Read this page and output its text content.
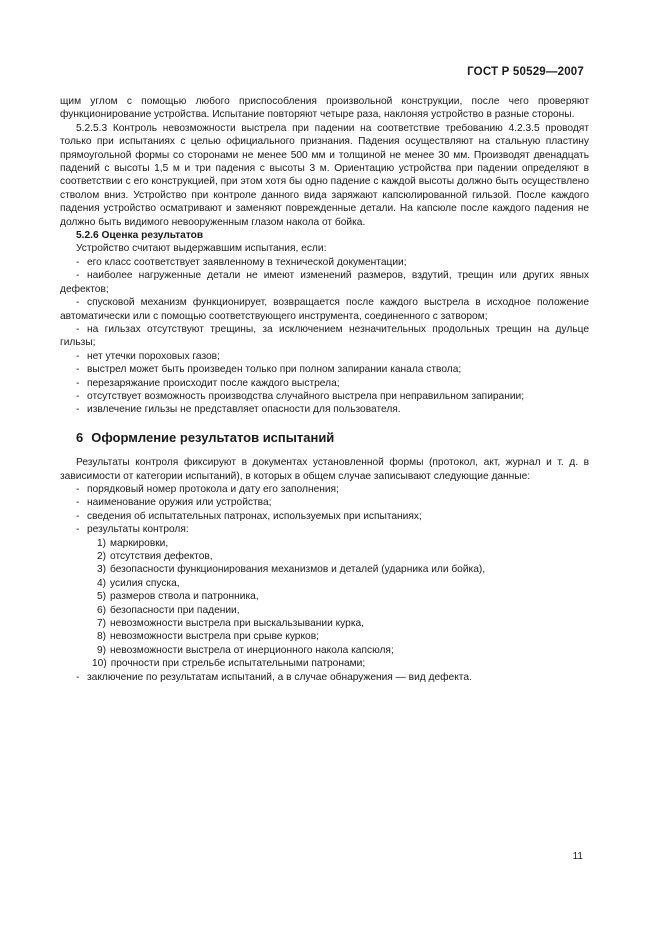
ГОСТ Р 50529—2007

щим углом с помощью любого приспособления произвольной конструкции, после чего проверяют функционирование устройства. Испытание повторяют четыре раза, наклоняя устройство в разные стороны.

5.2.5.3 Контроль невозможности выстрела при падении на соответствие требованию 4.2.3.5 проводят только при испытаниях с целью официального признания. Падения осуществляют на стальную пластину прямоугольной формы со сторонами не менее 500 мм и толщиной не менее 30 мм. Производят двенадцать падений с высоты 1,5 м и три падения с высоты 3 м. Ориентацию устройства при падении определяют в соответствии с его конструкцией, при этом хотя бы одно падение с каждой высоты должно быть осуществлено стволом вниз. Устройство при контроле данного вида заряжают капсюлированной гильзой. После каждого падения устройство осматривают и заменяют поврежденные детали. На капсюле после каждого падения не должно быть видимого невооруженным глазом накола от бойка.

5.2.6 Оценка результатов

Устройство считают выдержавшим испытания, если:

- его класс соответствует заявленному в технической документации;

- наиболее нагруженные детали не имеют изменений размеров, вздутий, трещин или других явных дефектов;

- спусковой механизм функционирует, возвращается после каждого выстрела в исходное положение автоматически или с помощью соответствующего инструмента, соединенного с затвором;

- на гильзах отсутствуют трещины, за исключением незначительных продольных трещин на дульце гильзы;

- нет утечки пороховых газов;

- выстрел может быть произведен только при полном запирании канала ствола;

- перезаряжание происходит после каждого выстрела;

- отсутствует возможность производства случайного выстрела при неправильном запирании;

- извлечение гильзы не представляет опасности для пользователя.

6 Оформление результатов испытаний

Результаты контроля фиксируют в документах установленной формы (протокол, акт, журнал и т. д. в зависимости от категории испытаний), в которых в общем случае записывают следующие данные:

- порядковый номер протокола и дату его заполнения;

- наименование оружия или устройства;

- сведения об испытательных патронах, используемых при испытаниях;

- результаты контроля:

1) маркировки,

2) отсутствия дефектов,

3) безопасности функционирования механизмов и деталей (ударника или бойка),

4) усилия спуска,

5) размеров ствола и патронника,

6) безопасности при падении,

7) невозможности выстрела при выскальзывании курка,

8) невозможности выстрела при срыве курков;

9) невозможности выстрела от инерционного накола капсюля;

10) прочности при стрельбе испытательными патронами;

- заключение по результатам испытаний, а в случае обнаружения — вид дефекта.

11
